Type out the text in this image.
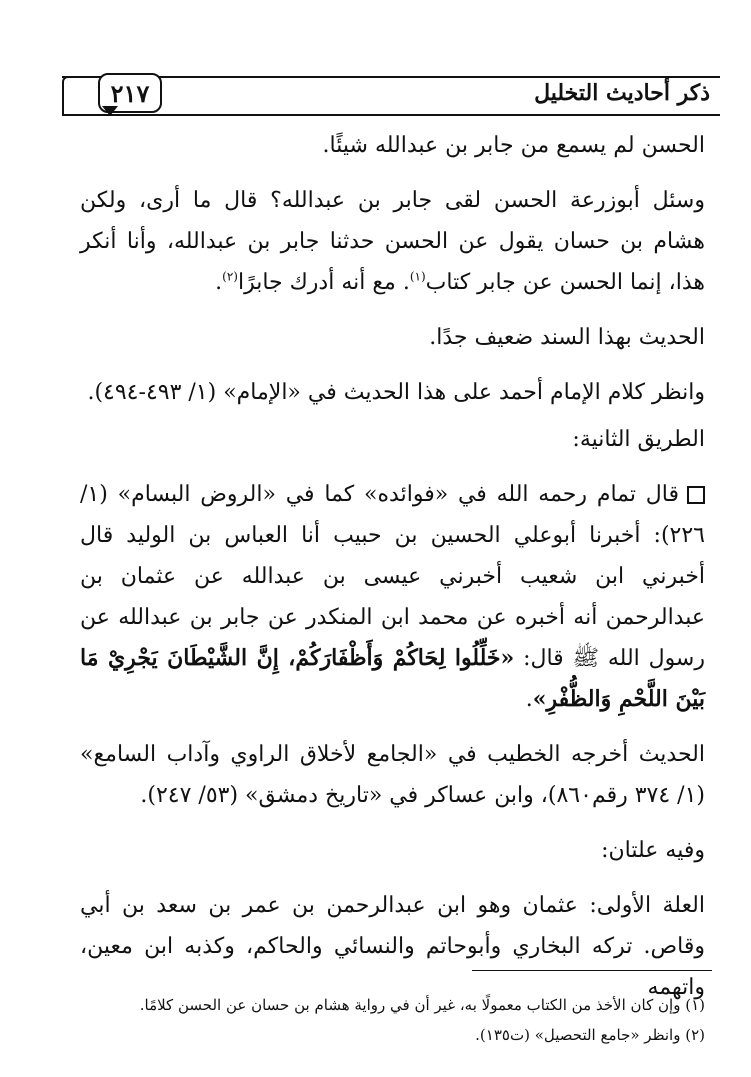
٢١٧	ذكر أحاديث التخليل

الحسن لم يسمع من جابر بن عبدالله شيئًا.

وسئل أبوزرعة الحسن لقى جابر بن عبدالله؟ قال ما أرى، ولكن هشام بن حسان يقول عن الحسن حدثنا جابر بن عبدالله، وأنا أنكر هذا، إنما الحسن عن جابر كتاب$^{(١)}$. مع أنه أدرك جابرًا$^{(٢)}$.

الحديث بهذا السند ضعيف جدًا.

وانظر كلام الإمام أحمد على هذا الحديث في «الإمام» (١/ ٤٩٣-٤٩٤).

الطريق الثانية:

قال تمام رحمه الله في «فوائده» كما في «الروض البسام» (١/ ٢٢٦): أخبرنا أبوعلي الحسين بن حبيب أنا العباس بن الوليد قال أخبرني ابن شعيب أخبرني عيسى بن عبدالله عن عثمان بن عبدالرحمن أنه أخبره عن محمد ابن المنكدر عن جابر بن عبدالله عن رسول الله ﷺ قال: «خَلِّلُوا لِحَاكُمْ وَأَظْفَارَكُمْ، إِنَّ الشَّيْطَانَ يَجْرِيْ مَا بَيْنَ اللَّحْمِ وَالظُّفْرِ».

الحديث أخرجه الخطيب في «الجامع لأخلاق الراوي وآداب السامع» (١/ ٣٧٤ رقم٨٦٠)، وابن عساكر في «تاريخ دمشق» (٥٣/ ٢٤٧).

وفيه علتان:

العلة الأولى: عثمان وهو ابن عبدالرحمن بن عمر بن سعد بن أبي وقاص. تركه البخاري وأبوحاتم والنسائي والحاكم، وكذبه ابن معين، واتهمه

(١) وإن كان الأخذ من الكتاب معمولًا به، غير أن في رواية هشام بن حسان عن الحسن كلامًا.

(٢) وانظر «جامع التحصيل» (ت١٣٥).
